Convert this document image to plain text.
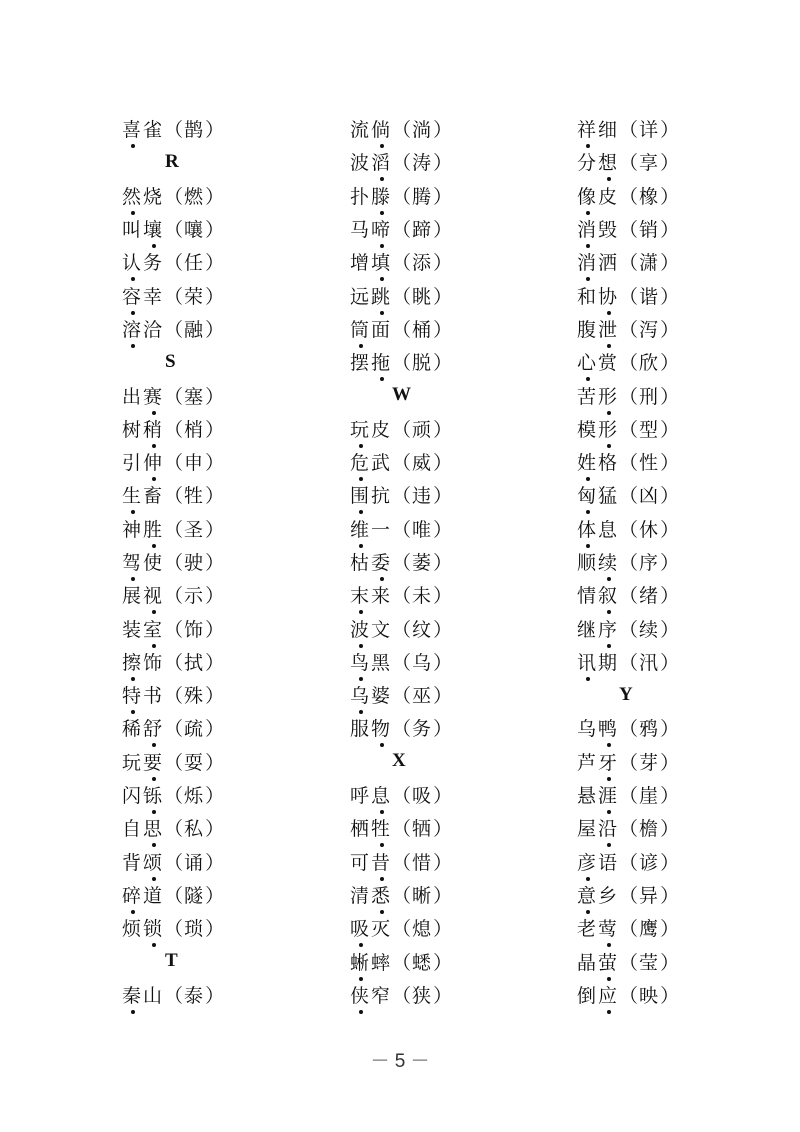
喜雀 （ 鹊 ）
R
然烧 （ 燃 ）
叫壤 （ 嚷 ）
认务 （ 任 ）
容幸 （ 荣 ）
溶洽 （ 融 ）
S
出赛 （ 塞 ）
树稍 （ 梢 ）
引伸 （ 申 ）
生畜 （ 牲 ）
神胜 （ 圣 ）
驾使 （ 驶 ）
展视 （ 示 ）
装室 （ 饰 ）
擦饰 （ 拭 ）
特书 （ 殊 ）
稀舒 （ 疏 ）
玩要 （ 耍 ）
闪铄 （ 烁 ）
自思 （ 私 ）
背颂 （ 诵 ）
碎道 （ 隧 ）
烦锁 （ 琐 ）
T
秦山 （ 泰 ）
流倘 （ 淌 ）
波滔 （ 涛 ）
扑滕 （ 腾 ）
马啼 （ 蹄 ）
增填 （ 添 ）
远跳 （ 眺 ）
筒面 （ 桶 ）
摆拖 （ 脱 ）
W
玩皮 （ 顽 ）
危武 （ 威 ）
围抗 （ 违 ）
维一 （ 唯 ）
枯委 （ 萎 ）
末来 （ 未 ）
波文 （ 纹 ）
鸟黑 （ 乌 ）
乌婆 （ 巫 ）
服物 （ 务 ）
X
呼息 （ 吸 ）
栖牲 （ 牺 ）
可昔 （ 惜 ）
清悉 （ 晰 ）
吸灭 （ 熄 ）
蜥蟀 （ 蟋 ）
侠窄 （ 狭 ）
祥细 （ 详 ）
分想 （ 享 ）
像皮 （ 橡 ）
消毁 （ 销 ）
消洒 （ 潇 ）
和协 （ 谐 ）
腹泄 （ 泻 ）
心赏 （ 欣 ）
苦形 （ 刑 ）
模形 （ 型 ）
姓格 （ 性 ）
匈猛 （ 凶 ）
体息 （ 休 ）
顺续 （ 序 ）
情叙 （ 绪 ）
继序 （ 续 ）
讯期 （ 汛 ）
Y
乌鸭 （ 鸦 ）
芦牙 （ 芽 ）
悬涯 （ 崖 ）
屋沿 （ 檐 ）
彦语 （ 谚 ）
意乡 （ 异 ）
老莺 （ 鹰 ）
晶萤 （ 莹 ）
倒应 （ 映 ）
－ 5 －
